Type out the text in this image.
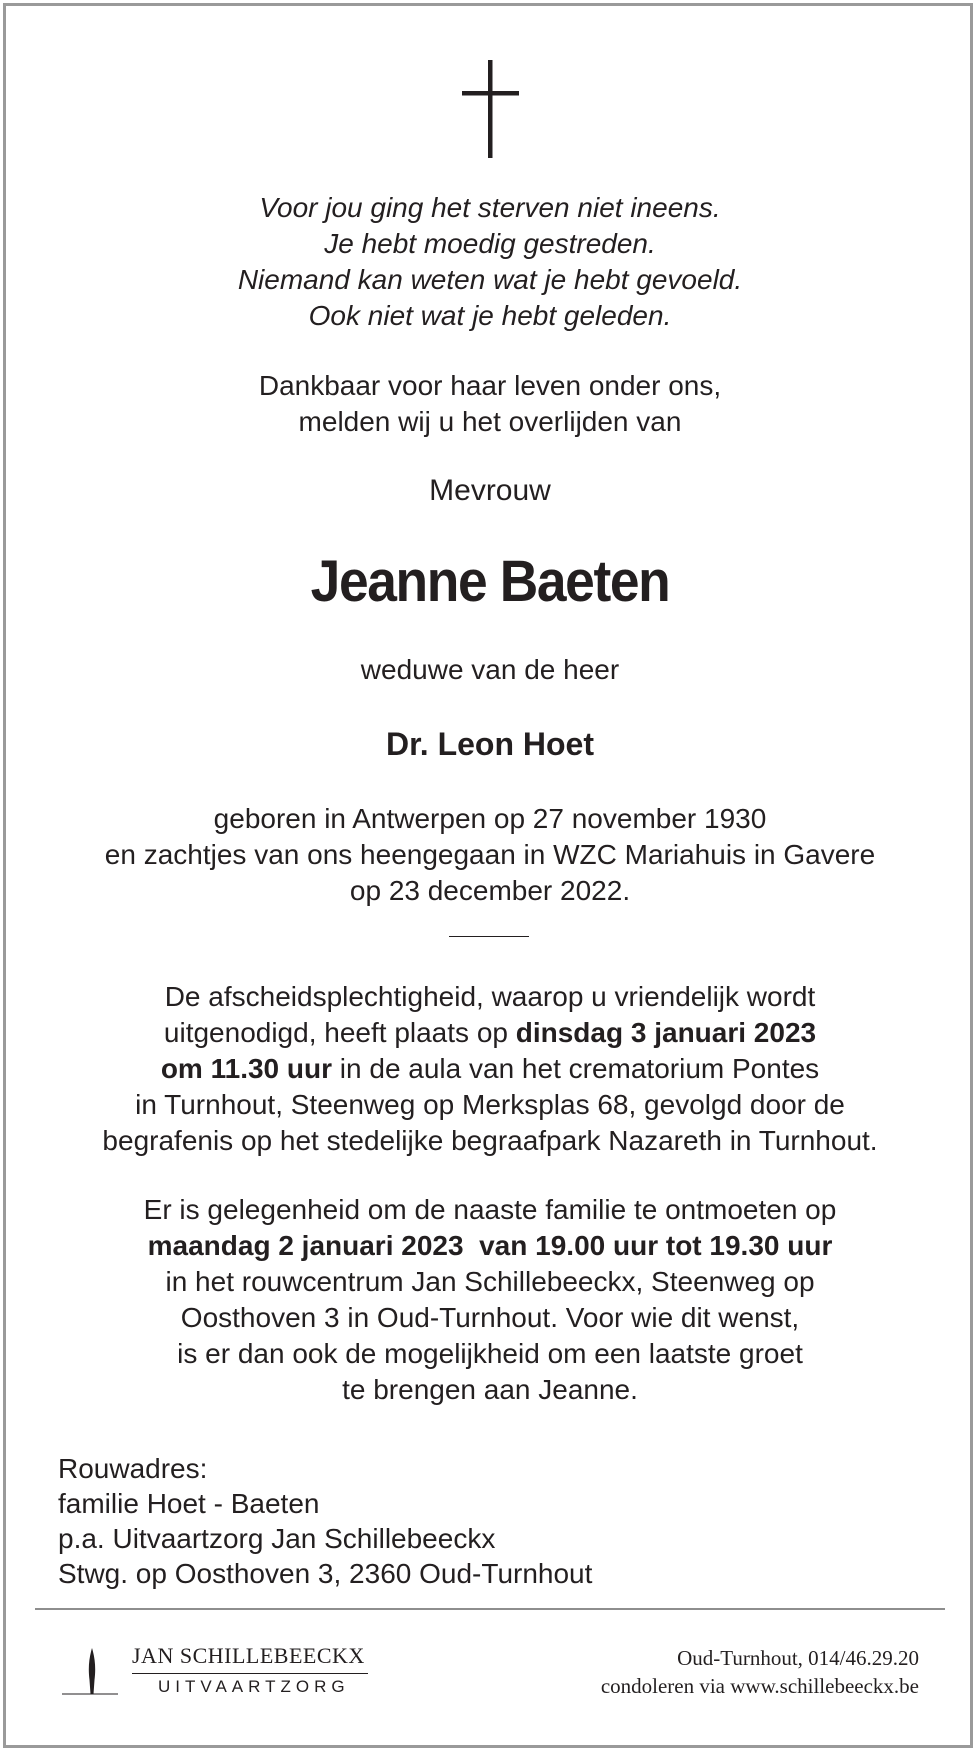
Voor jou ging het sterven niet ineens.
Je hebt moedig gestreden.
Niemand kan weten wat je hebt gevoeld.
Ook niet wat je hebt geleden.
Dankbaar voor haar leven onder ons,
melden wij u het overlijden van
Mevrouw
Jeanne Baeten
weduwe van de heer
Dr. Leon Hoet
geboren in Antwerpen op 27 november 1930
en zachtjes van ons heengegaan in WZC Mariahuis in Gavere
op 23 december 2022.
De afscheidsplechtigheid, waarop u vriendelijk wordt
uitgenodigd, heeft plaats op dinsdag 3 januari 2023
om 11.30 uur in de aula van het crematorium Pontes
in Turnhout, Steenweg op Merksplas 68, gevolgd door de
begrafenis op het stedelijke begraafpark Nazareth in Turnhout.
Er is gelegenheid om de naaste familie te ontmoeten op
maandag 2 januari 2023  van 19.00 uur tot 19.30 uur
in het rouwcentrum Jan Schillebeeckx, Steenweg op
Oosthoven 3 in Oud-Turnhout. Voor wie dit wenst,
is er dan ook de mogelijkheid om een laatste groet
te brengen aan Jeanne.
Rouwadres:
familie Hoet - Baeten
p.a. Uitvaartzorg Jan Schillebeeckx
Stwg. op Oosthoven 3, 2360 Oud-Turnhout
JAN SCHILLEBEECKX
UITVAARTZORG
Oud-Turnhout, 014/46.29.20
condoleren via www.schillebeeckx.be
